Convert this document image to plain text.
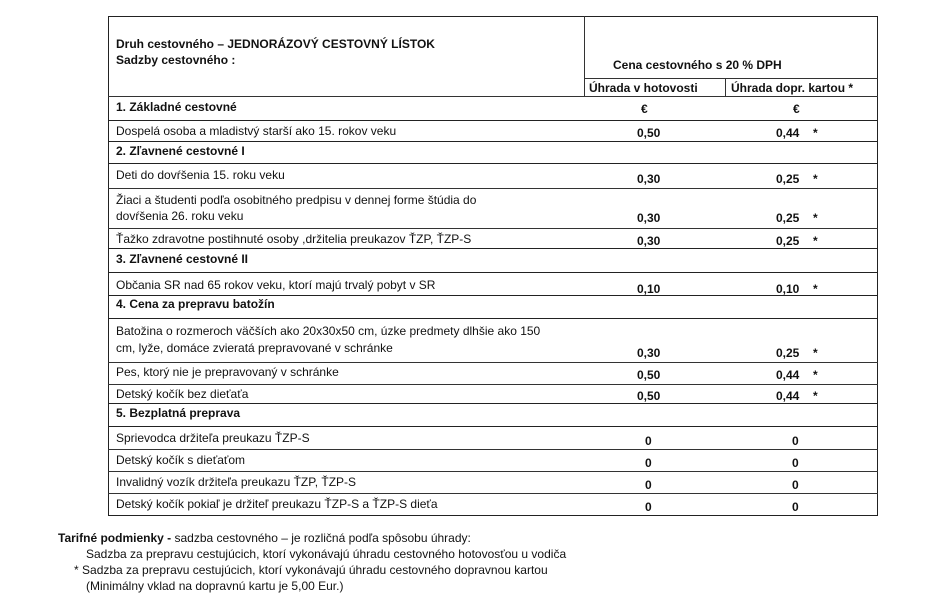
Druh cestovného – JEDNORÁZOVÝ CESTOVNÝ LÍSTOK
Sadzby cestovného :	Cena cestovného s 20 % DPH
Úhrada v hotovosti	Úhrada dopr. kartou *
1. Základné cestovné	€	€
Dospelá osoba a mladistvý starší ako 15. rokov veku	0,50	0,44 *
2. Zľavnené cestovné I
Deti do dovŕšenia 15. roku veku	0,30	0,25 *
Žiaci a študenti podľa osobitného predpisu v dennej forme štúdia do
dovŕšenia 26. roku veku	0,30	0,25 *
Ťažko zdravotne postihnuté osoby ,držitelia preukazov ŤZP, ŤZP-S	0,30	0,25 *
3. Zľavnené cestovné II
Občania SR nad 65 rokov veku, ktorí majú trvalý pobyt v SR	0,10	0,10 *
4. Cena za prepravu batožín
Batožina o rozmeroch väčších ako 20x30x50 cm, úzke predmety dlhšie ako 150
cm, lyže, domáce zvieratá prepravované v schránke	0,30	0,25 *
Pes, ktorý nie je prepravovaný v schránke	0,50	0,44 *
Detský kočík bez dieťaťa	0,50	0,44 *
5. Bezplatná preprava
Sprievodca držiteľa preukazu ŤZP-S	0	0
Detský kočík s dieťaťom	0	0
Invalidný vozík držiteľa preukazu ŤZP, ŤZP-S	0	0
Detský kočík pokiaľ je držiteľ preukazu ŤZP-S a ŤZP-S dieťa	0	0
Tarifné podmienky - sadzba cestovného – je rozličná podľa spôsobu úhrady:
Sadzba za prepravu cestujúcich, ktorí vykonávajú úhradu cestovného hotovosťou u vodiča
* Sadzba za prepravu cestujúcich, ktorí vykonávajú úhradu cestovného dopravnou kartou
(Minimálny vklad na dopravnú kartu je 5,00 Eur.)
